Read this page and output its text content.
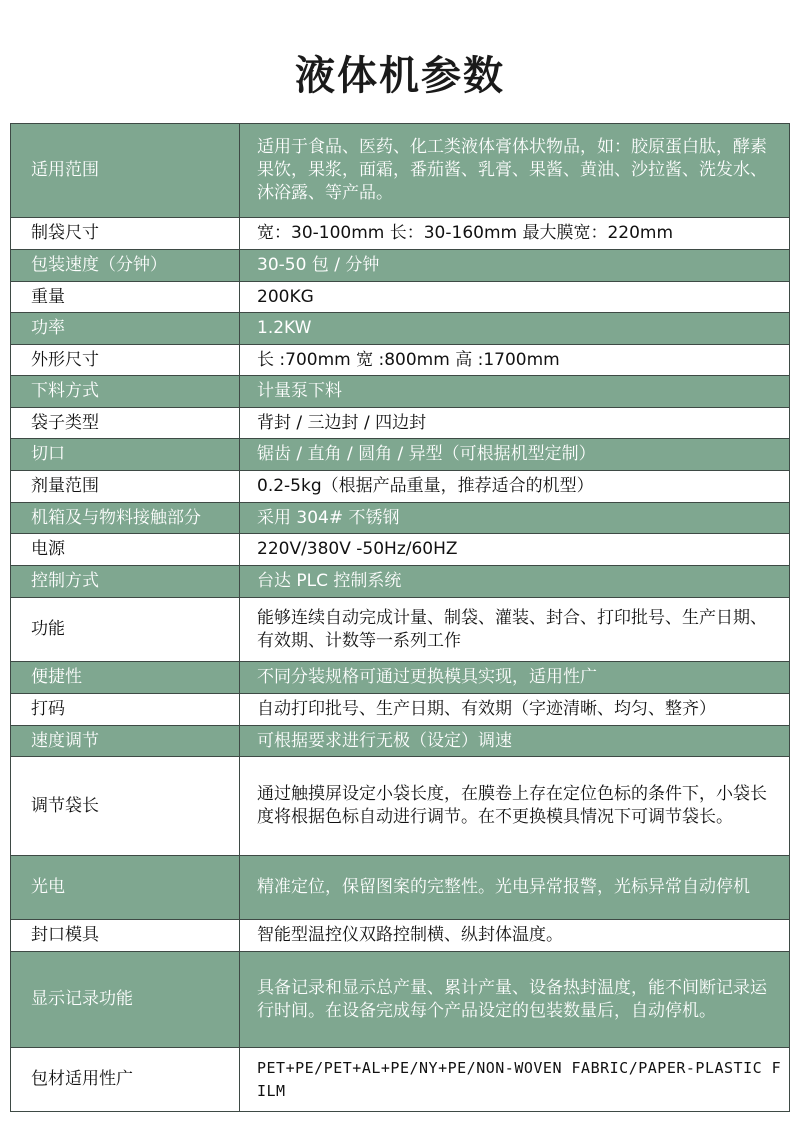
液体机参数
适用范围	适用于食品、医药、化工类液体膏体状物品，如：胶原蛋白肽，酵素果饮，果浆，面霜，番茄酱、乳膏、果酱、黄油、沙拉酱、洗发水、沐浴露、等产品。

制袋尺寸	宽：30-100mm 长：30-160mm 最大膜宽：220mm

包装速度（分钟）	30-50 包 / 分钟

重量	200KG

功率	1.2KW

外形尺寸	长 :700mm 宽 :800mm 高 :1700mm

下料方式	计量泵下料

袋子类型	背封 / 三边封 / 四边封

切口	锯齿 / 直角 / 圆角 / 异型（可根据机型定制）

剂量范围	0.2-5kg（根据产品重量，推荐适合的机型）

机箱及与物料接触部分	采用 304# 不锈钢

电源	220V/380V -50Hz/60HZ

控制方式	台达 PLC 控制系统

功能	能够连续自动完成计量、制袋、灌装、封合、打印批号、生产日期、有效期、计数等一系列工作

便捷性	不同分装规格可通过更换模具实现，适用性广

打码	自动打印批号、生产日期、有效期（字迹清晰、均匀、整齐）

速度调节	可根据要求进行无极（设定）调速

调节袋长	通过触摸屏设定小袋长度，在膜卷上存在定位色标的条件下，小袋长度将根据色标自动进行调节。在不更换模具情况下可调节袋长。

光电	精准定位，保留图案的完整性。光电异常报警，光标异常自动停机

封口模具	智能型温控仪双路控制横、纵封体温度。

显示记录功能	具备记录和显示总产量、累计产量、设备热封温度，能不间断记录运行时间。在设备完成每个产品设定的包装数量后，自动停机。

包材适用性广	PET+PE/PET+AL+PE/NY+PE/NON-WOVEN FABRIC/PAPER-PLASTIC FILM
